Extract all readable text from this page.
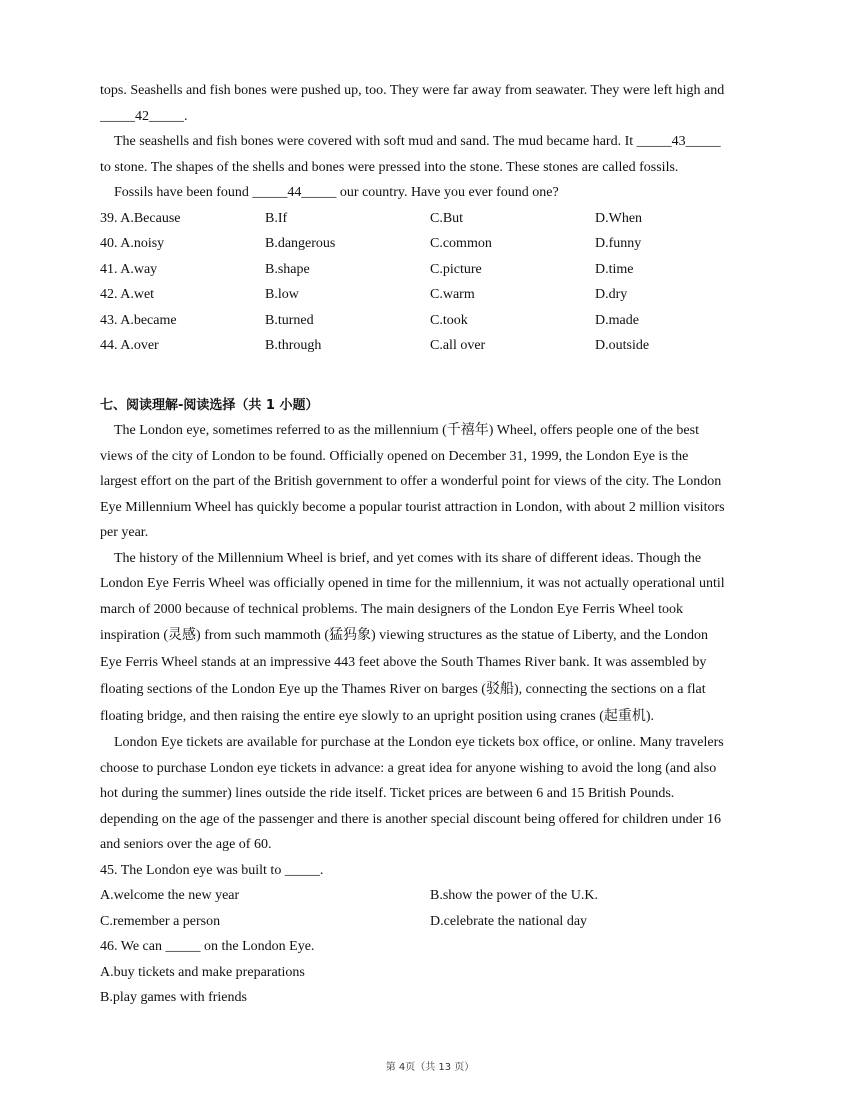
tops. Seashells and fish bones were pushed up, too. They were far away from seawater. They were left high and
_____42_____.
The seashells and fish bones were covered with soft mud and sand. The mud became hard. It _____43_____
to stone. The shapes of the shells and bones were pressed into the stone. These stones are called fossils.
Fossils have been found _____44_____ our country. Have you ever found one?
39. A.Because	B.If	C.But	D.When
40. A.noisy	B.dangerous	C.common	D.funny
41. A.way	B.shape	C.picture	D.time
42. A.wet	B.low	C.warm	D.dry
43. A.became	B.turned	C.took	D.made
44. A.over	B.through	C.all over	D.outside
七、阅读理解-阅读选择（共 1 小题）
The London eye, sometimes referred to as the millennium (千禧年) Wheel, offers people one of the best
views of the city of London to be found. Officially opened on December 31, 1999, the London Eye is the
largest effort on the part of the British government to offer a wonderful point for views of the city. The London
Eye Millennium Wheel has quickly become a popular tourist attraction in London, with about 2 million visitors
per year.
The history of the Millennium Wheel is brief, and yet comes with its share of different ideas. Though the
London Eye Ferris Wheel was officially opened in time for the millennium, it was not actually operational until
march of 2000 because of technical problems. The main designers of the London Eye Ferris Wheel took
inspiration (灵感) from such mammoth (猛犸象) viewing structures as the statue of Liberty, and the London
Eye Ferris Wheel stands at an impressive 443 feet above the South Thames River bank. It was assembled by
floating sections of the London Eye up the Thames River on barges (驳船), connecting the sections on a flat
floating bridge, and then raising the entire eye slowly to an upright position using cranes (起重机).
London Eye tickets are available for purchase at the London eye tickets box office, or online. Many travelers
choose to purchase London eye tickets in advance: a great idea for anyone wishing to avoid the long (and also
hot during the summer) lines outside the ride itself. Ticket prices are between 6 and 15 British Pounds.
depending on the age of the passenger and there is another special discount being offered for children under 16
and seniors over the age of 60.
45. The London eye was built to _____.
A.welcome the new year	B.show the power of the U.K.
C.remember a person	D.celebrate the national day
46. We can _____ on the London Eye.
A.buy tickets and make preparations
B.play games with friends
第 4页（共 13 页）
